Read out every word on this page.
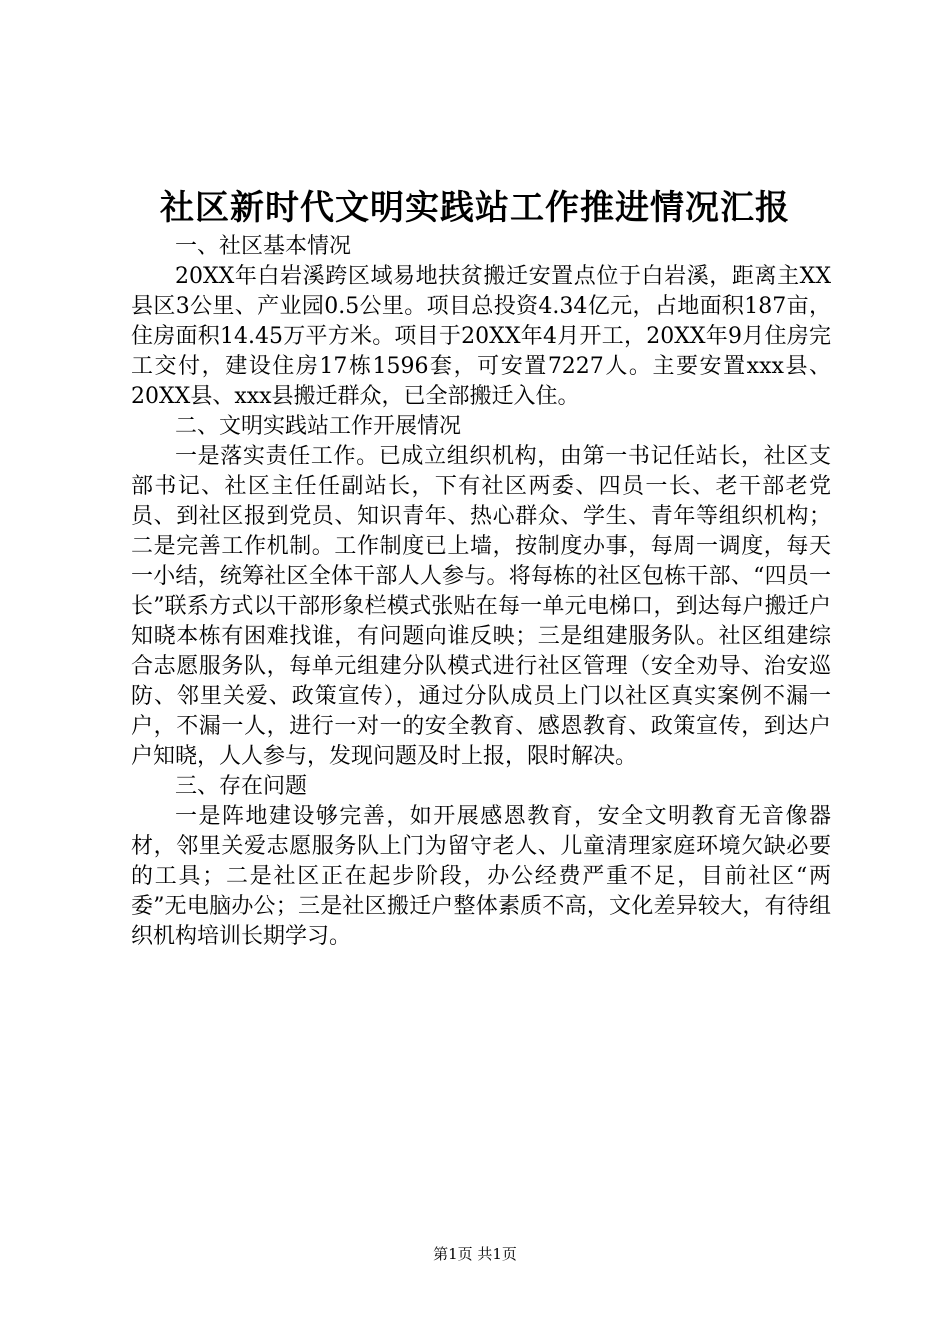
社区新时代文明实践站工作推进情况汇报

一、社区基本情况

20XX年白岩溪跨区域易地扶贫搬迁安置点位于白岩溪，距离主XX县区3公里、产业园0.5公里。项目总投资4.34亿元，占地面积187亩，住房面积14.45万平方米。项目于20XX年4月开工，20XX年9月住房完工交付，建设住房17栋1596套，可安置7227人。主要安置xxx县、20XX县、xxx县搬迁群众，已全部搬迁入住。

二、文明实践站工作开展情况

一是落实责任工作。已成立组织机构，由第一书记任站长，社区支部书记、社区主任任副站长，下有社区两委、四员一长、老干部老党员、到社区报到党员、知识青年、热心群众、学生、青年等组织机构；二是完善工作机制。工作制度已上墙，按制度办事，每周一调度，每天一小结，统筹社区全体干部人人参与。将每栋的社区包栋干部、“四员一长”联系方式以干部形象栏模式张贴在每一单元电梯口，到达每户搬迁户知晓本栋有困难找谁，有问题向谁反映；三是组建服务队。社区组建综合志愿服务队，每单元组建分队模式进行社区管理（安全劝导、治安巡防、邻里关爱、政策宣传），通过分队成员上门以社区真实案例不漏一户，不漏一人，进行一对一的安全教育、感恩教育、政策宣传，到达户户知晓，人人参与，发现问题及时上报，限时解决。

三、存在问题

一是阵地建设够完善，如开展感恩教育，安全文明教育无音像器材，邻里关爱志愿服务队上门为留守老人、儿童清理家庭环境欠缺必要的工具；二是社区正在起步阶段，办公经费严重不足，目前社区“两委”无电脑办公；三是社区搬迁户整体素质不高，文化差异较大，有待组织机构培训长期学习。

第1页 共1页
